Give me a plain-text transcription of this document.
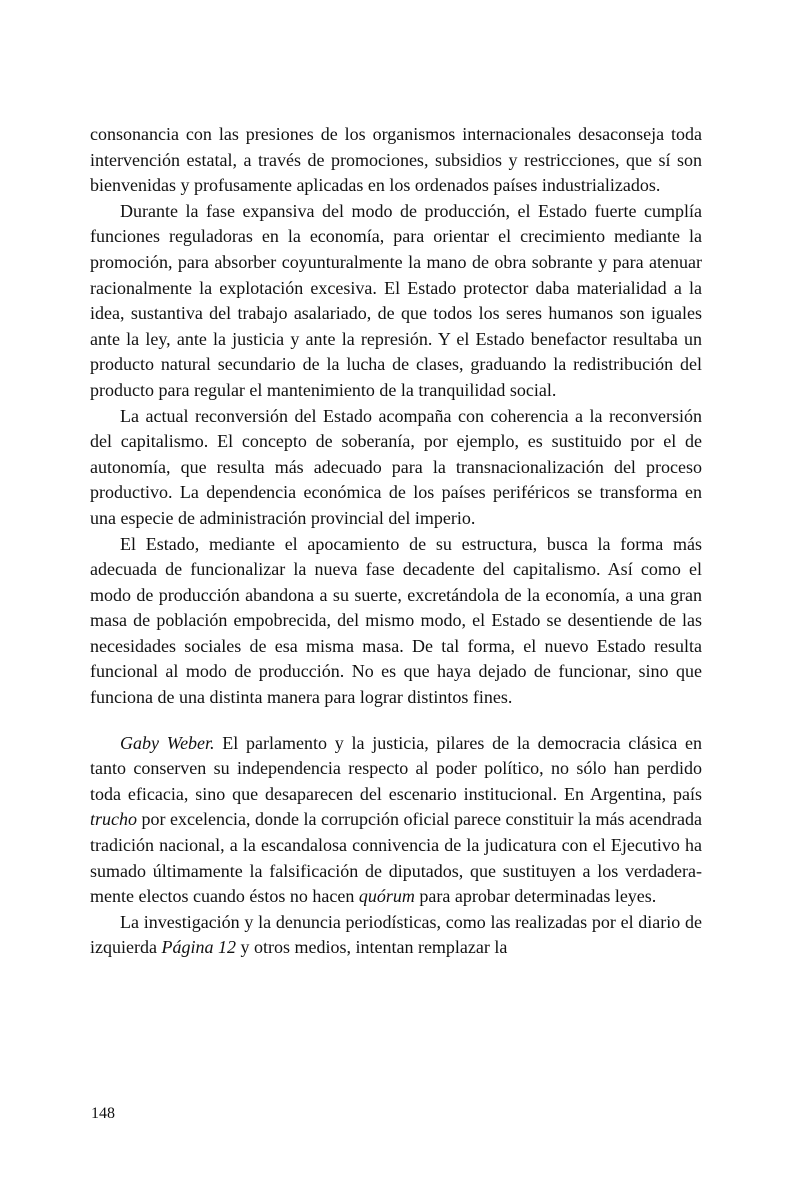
consonancia con las presiones de los organismos internacionales desaconseja toda intervención estatal, a través de promociones, subsidios y restricciones, que sí son bienvenidas y profusamente aplicadas en los ordenados países industrializados.

Durante la fase expansiva del modo de producción, el Estado fuerte cumplía funciones reguladoras en la economía, para orientar el crecimiento mediante la promoción, para absorber coyunturalmente la mano de obra sobrante y para atenuar racionalmente la explotación excesiva. El Estado protector daba materialidad a la idea, sustantiva del trabajo asalariado, de que todos los seres humanos son iguales ante la ley, ante la justicia y ante la represión. Y el Estado benefactor resultaba un producto natural secundario de la lucha de clases, graduando la redistribución del producto para regular el mantenimiento de la tranquilidad social.

La actual reconversión del Estado acompaña con coherencia a la reconversión del capitalismo. El concepto de soberanía, por ejemplo, es sustituido por el de autonomía, que resulta más adecuado para la transnacionalización del proceso productivo. La dependencia económica de los países periféricos se transforma en una especie de administración provincial del imperio.

El Estado, mediante el apocamiento de su estructura, busca la forma más adecuada de funcionalizar la nueva fase decadente del capitalismo. Así como el modo de producción abandona a su suerte, excretándola de la economía, a una gran masa de población empobrecida, del mismo modo, el Estado se desentiende de las necesidades sociales de esa misma masa. De tal forma, el nuevo Estado resulta funcional al modo de producción. No es que haya dejado de funcionar, sino que funciona de una distinta manera para lograr distintos fines.

Gaby Weber. El parlamento y la justicia, pilares de la democracia clásica en tanto conserven su independencia respecto al poder político, no sólo han perdido toda eficacia, sino que desaparecen del escenario institucional. En Argentina, país trucho por excelencia, donde la corrupción oficial parece constituir la más acendrada tradición nacional, a la escandalosa connivencia de la judicatura con el Ejecutivo ha sumado últimamente la falsificación de diputados, que sustituyen a los verdaderamente electos cuando éstos no hacen quórum para aprobar determinadas leyes.

La investigación y la denuncia periodísticas, como las realizadas por el diario de izquierda Página 12 y otros medios, intentan remplazar la

148
